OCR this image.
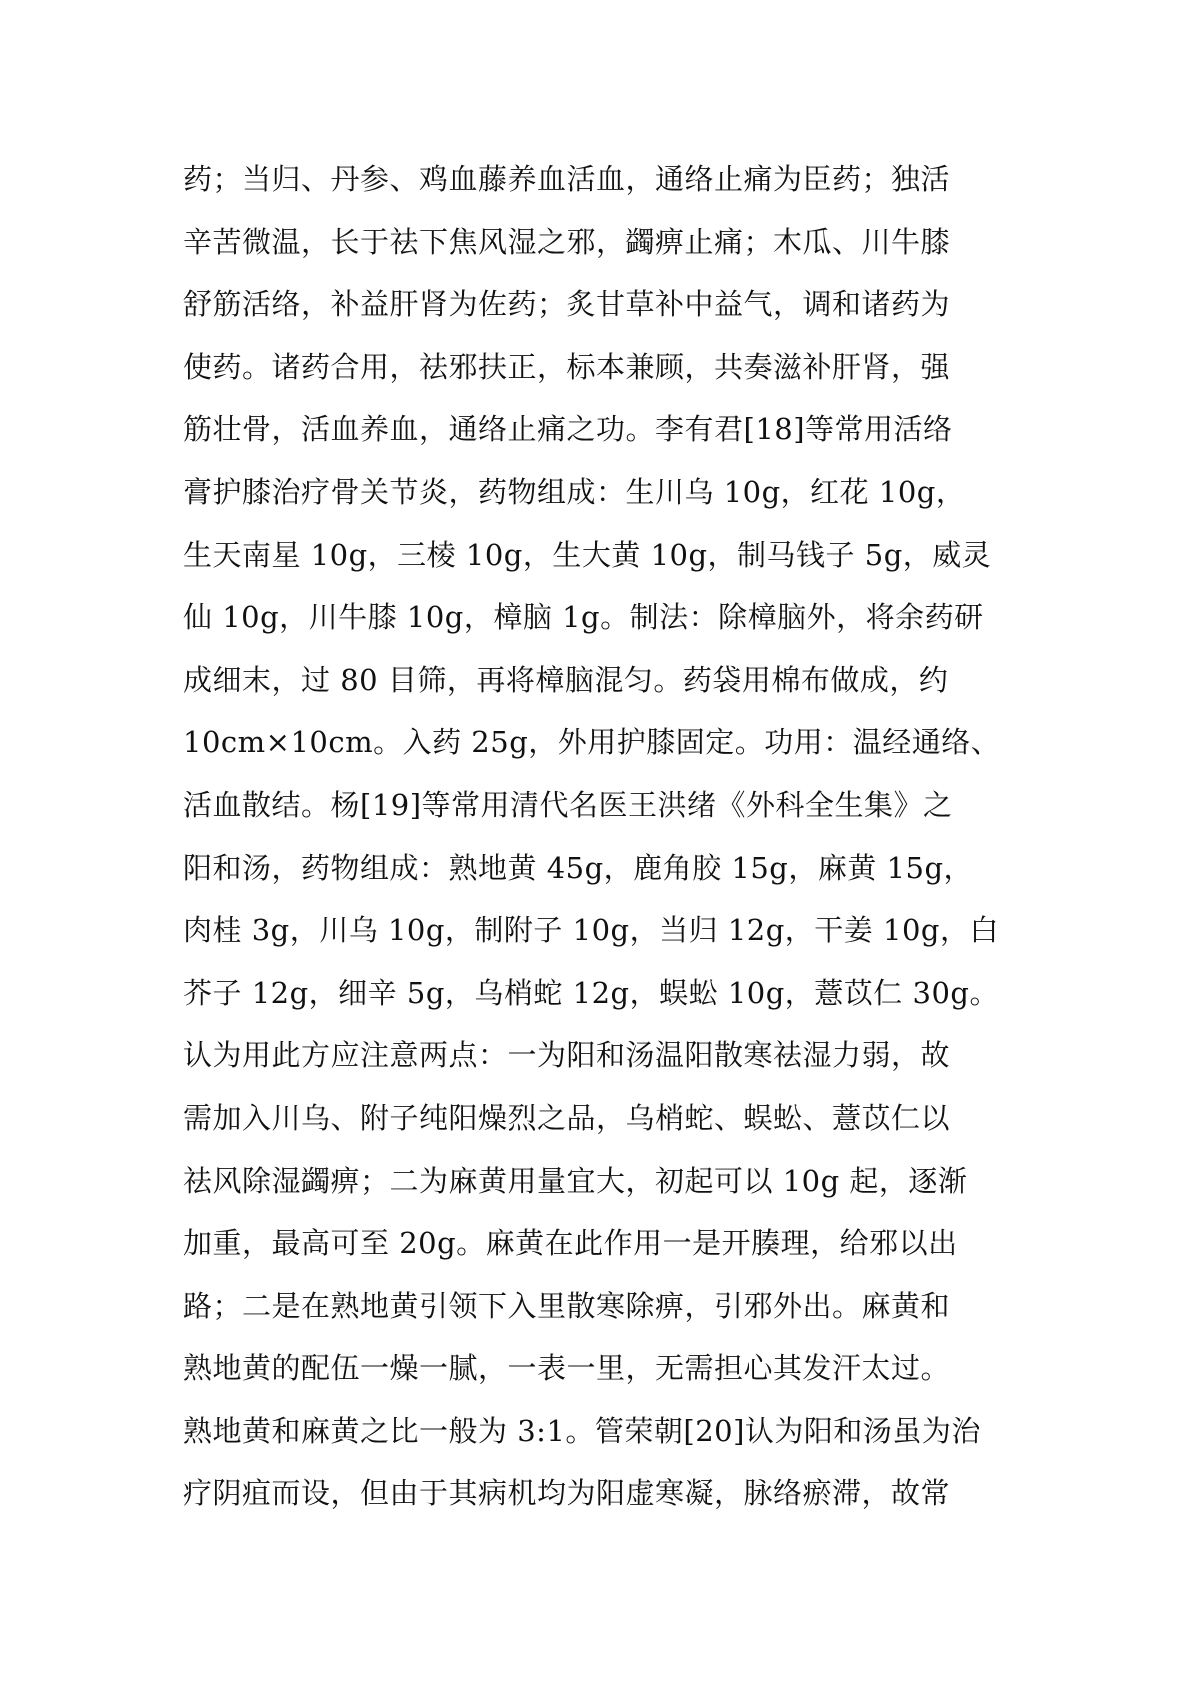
药；当归、丹参、鸡血藤养血活血，通络止痛为臣药；独活
辛苦微温，长于祛下焦风湿之邪，蠲痹止痛；木瓜、川牛膝
舒筋活络，补益肝肾为佐药；炙甘草补中益气，调和诸药为
使药。诸药合用，祛邪扶正，标本兼顾，共奏滋补肝肾，强
筋壮骨，活血养血，通络止痛之功。李有君[18]等常用活络
膏护膝治疗骨关节炎，药物组成：生川乌 10g，红花 10g，
生天南星 10g，三棱 10g，生大黄 10g，制马钱子 5g，威灵
仙 10g，川牛膝 10g，樟脑 1g。制法：除樟脑外，将余药研
成细末，过 80 目筛，再将樟脑混匀。药袋用棉布做成，约
10cm×10cm。入药 25g，外用护膝固定。功用：温经通络、
活血散结。杨[19]等常用清代名医王洪绪《外科全生集》之
阳和汤，药物组成：熟地黄 45g，鹿角胶 15g，麻黄 15g，
肉桂 3g，川乌 10g，制附子 10g，当归 12g，干姜 10g，白
芥子 12g，细辛 5g，乌梢蛇 12g，蜈蚣 10g，薏苡仁 30g。
认为用此方应注意两点：一为阳和汤温阳散寒祛湿力弱，故
需加入川乌、附子纯阳燥烈之品，乌梢蛇、蜈蚣、薏苡仁以
祛风除湿蠲痹；二为麻黄用量宜大，初起可以 10g 起，逐渐
加重，最高可至 20g。麻黄在此作用一是开腠理，给邪以出
路；二是在熟地黄引领下入里散寒除痹，引邪外出。麻黄和
熟地黄的配伍一燥一腻，一表一里，无需担心其发汗太过。
熟地黄和麻黄之比一般为 3:1。管荣朝[20]认为阳和汤虽为治
疗阴疽而设，但由于其病机均为阳虚寒凝，脉络瘀滞，故常
